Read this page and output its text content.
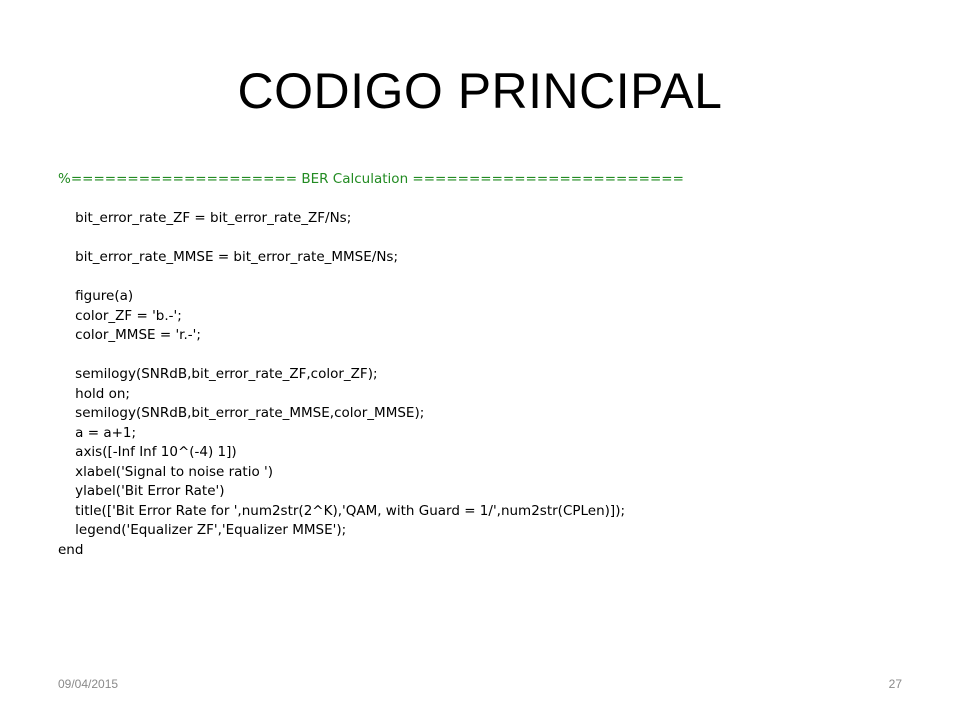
CODIGO PRINCIPAL
%==================== BER Calculation ========================
bit_error_rate_ZF = bit_error_rate_ZF/Ns;
bit_error_rate_MMSE = bit_error_rate_MMSE/Ns;
figure(a)
color_ZF = 'b.-';
color_MMSE = 'r.-';
semilogy(SNRdB,bit_error_rate_ZF,color_ZF);
hold on;
semilogy(SNRdB,bit_error_rate_MMSE,color_MMSE);
a = a+1;
axis([-Inf Inf 10^(-4) 1])
xlabel('Signal to noise ratio ')
ylabel('Bit Error Rate')
title(['Bit Error Rate for ',num2str(2^K),'QAM, with Guard = 1/',num2str(CPLen)]);
legend('Equalizer ZF','Equalizer MMSE');
end
09/04/2015	27
